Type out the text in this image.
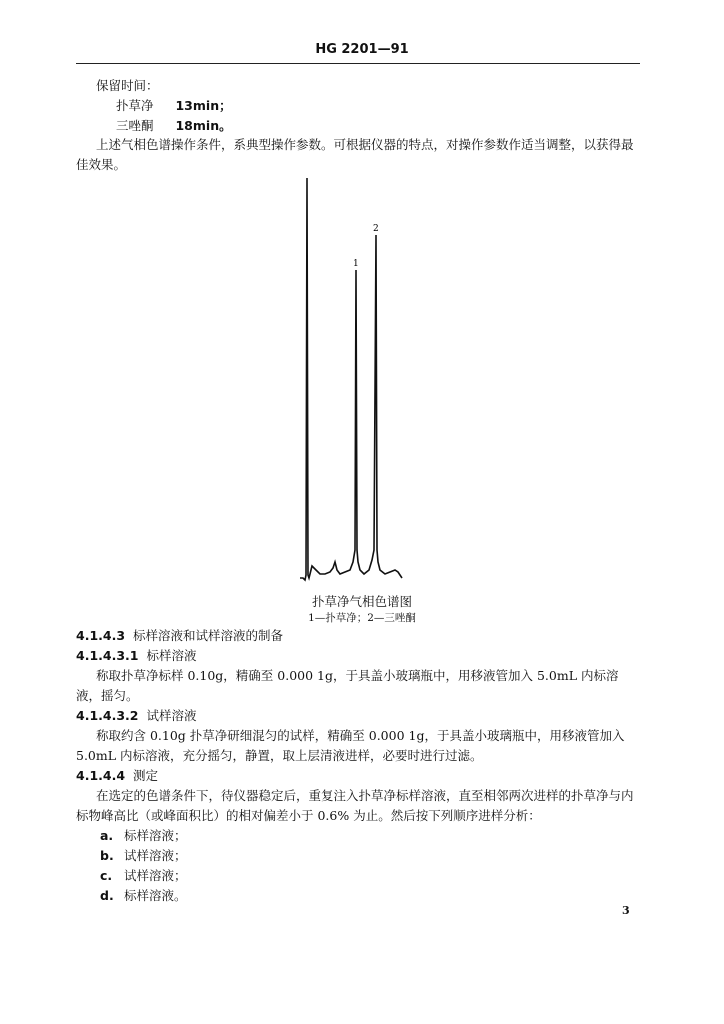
HG 2201—91
保留时间：
扑草净 13min；
三唑酮 18min。
上述气相色谱操作条件，系典型操作参数。可根据仪器的特点，对操作参数作适当调整，以获得最佳效果。
1
2
扑草净气相色谱图
1—扑草净；2—三唑酮
4.1.4.3 标样溶液和试样溶液的制备
4.1.4.3.1 标样溶液
称取扑草净标样 0.10g，精确至 0.000 1g，于具盖小玻璃瓶中，用移液管加入 5.0mL 内标溶液，摇匀。
4.1.4.3.2 试样溶液
称取约含 0.10g 扑草净研细混匀的试样，精确至 0.000 1g，于具盖小玻璃瓶中，用移液管加入 5.0mL 内标溶液，充分摇匀，静置，取上层清液进样，必要时进行过滤。
4.1.4.4 测定
在选定的色谱条件下，待仪器稳定后，重复注入扑草净标样溶液，直至相邻两次进样的扑草净与内标物峰高比（或峰面积比）的相对偏差小于 0.6% 为止。然后按下列顺序进样分析：
a. 标样溶液；
b. 试样溶液；
c. 试样溶液；
d. 标样溶液。
3
